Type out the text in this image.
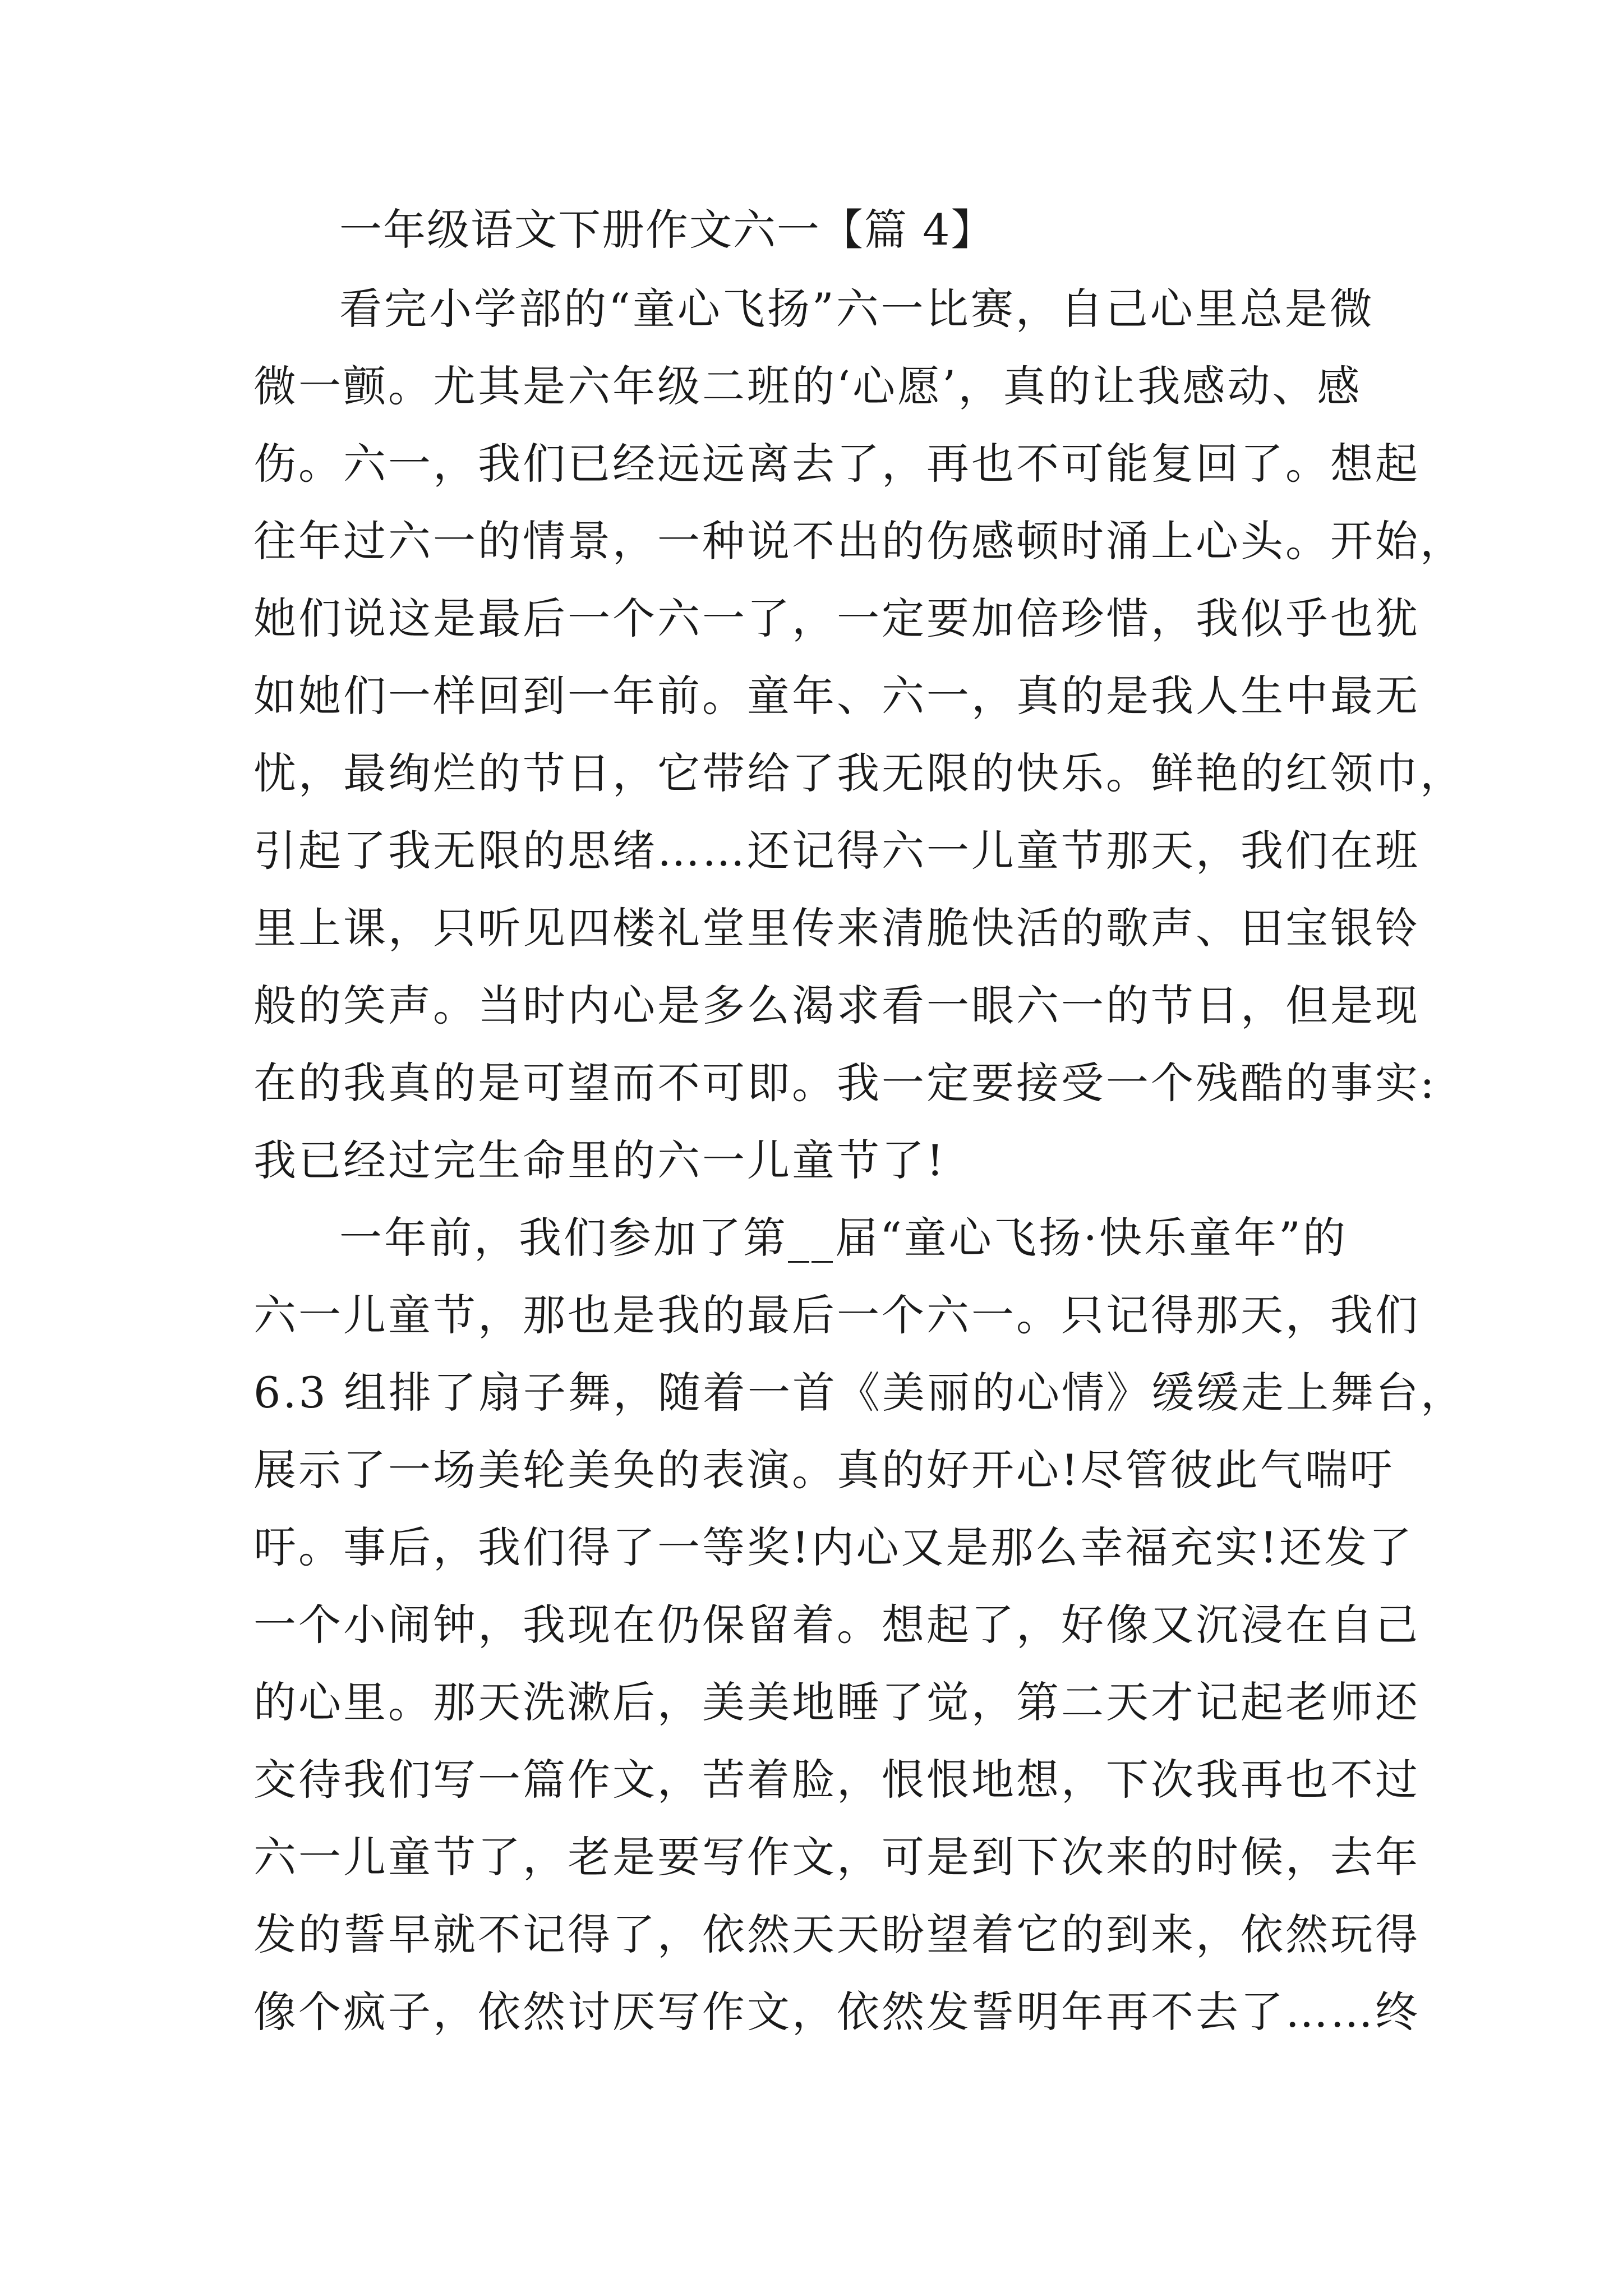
一年级语文下册作文六一【篇 4】
看完小学部的“童心飞扬”六一比赛，自己心里总是微
微一颤。尤其是六年级二班的‘心愿’，真的让我感动、感
伤。六一，我们已经远远离去了，再也不可能复回了。想起
往年过六一的情景，一种说不出的伤感顿时涌上心头。开始，
她们说这是最后一个六一了，一定要加倍珍惜，我似乎也犹
如她们一样回到一年前。童年、六一，真的是我人生中最无
忧，最绚烂的节日，它带给了我无限的快乐。鲜艳的红领巾，
引起了我无限的思绪……还记得六一儿童节那天，我们在班
里上课，只听见四楼礼堂里传来清脆快活的歌声、田宝银铃
般的笑声。当时内心是多么渴求看一眼六一的节日，但是现
在的我真的是可望而不可即。我一定要接受一个残酷的事实:
我已经过完生命里的六一儿童节了!
一年前，我们参加了第__届“童心飞扬·快乐童年”的
六一儿童节，那也是我的最后一个六一。只记得那天，我们
6.3 组排了扇子舞，随着一首《美丽的心情》缓缓走上舞台，
展示了一场美轮美奂的表演。真的好开心!尽管彼此气喘吁
吁。事后，我们得了一等奖!内心又是那么幸福充实!还发了
一个小闹钟，我现在仍保留着。想起了，好像又沉浸在自己
的心里。那天洗漱后，美美地睡了觉，第二天才记起老师还
交待我们写一篇作文，苦着脸，恨恨地想，下次我再也不过
六一儿童节了，老是要写作文，可是到下次来的时候，去年
发的誓早就不记得了，依然天天盼望着它的到来，依然玩得
像个疯子，依然讨厌写作文，依然发誓明年再不去了……终
